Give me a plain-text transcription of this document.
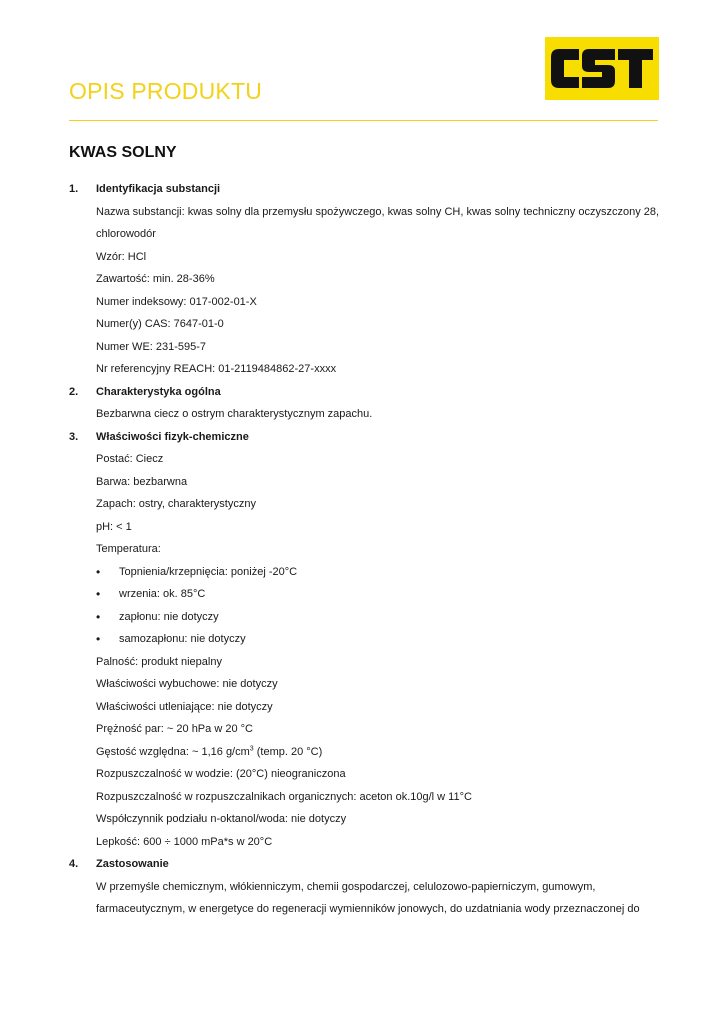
OPIS PRODUKTU
KWAS SOLNY
1.	Identyfikacja substancji
Nazwa substancji: kwas solny dla przemysłu spożywczego, kwas solny CH, kwas solny techniczny oczyszczony 28,
chlorowodór
Wzór: HCl
Zawartość: min. 28-36%
Numer indeksowy: 017-002-01-X
Numer(y) CAS: 7647-01-0
Numer WE: 231-595-7
Nr referencyjny REACH: 01-2119484862-27-xxxx
2.	Charakterystyka ogólna
Bezbarwna ciecz o ostrym charakterystycznym zapachu.
3.	Właściwości fizyk-chemiczne
Postać: Ciecz
Barwa: bezbarwna
Zapach: ostry, charakterystyczny
pH: < 1
Temperatura:
•	Topnienia/krzepnięcia: poniżej -20°C
•	wrzenia: ok. 85°C
•	zapłonu: nie dotyczy
•	samozapłonu: nie dotyczy
Palność: produkt niepalny
Właściwości wybuchowe: nie dotyczy
Właściwości utleniające: nie dotyczy
Prężność par: ~ 20 hPa w 20 °C
Gęstość względna: ~ 1,16 $g/cm^3$ (temp. 20 °C)
Rozpuszczalność w wodzie: (20°C) nieograniczona
Rozpuszczalność w rozpuszczalnikach organicznych: aceton ok.10g/l w 11°C
Współczynnik podziału n-oktanol/woda: nie dotyczy
Lepkość: 600 ÷ 1000 mPa*s w 20°C
4.	Zastosowanie
W przemyśle chemicznym, włókienniczym, chemii gospodarczej, celulozowo-papierniczym, gumowym,
farmaceutycznym, w energetyce do regeneracji wymienników jonowych, do uzdatniania wody przeznaczonej do
